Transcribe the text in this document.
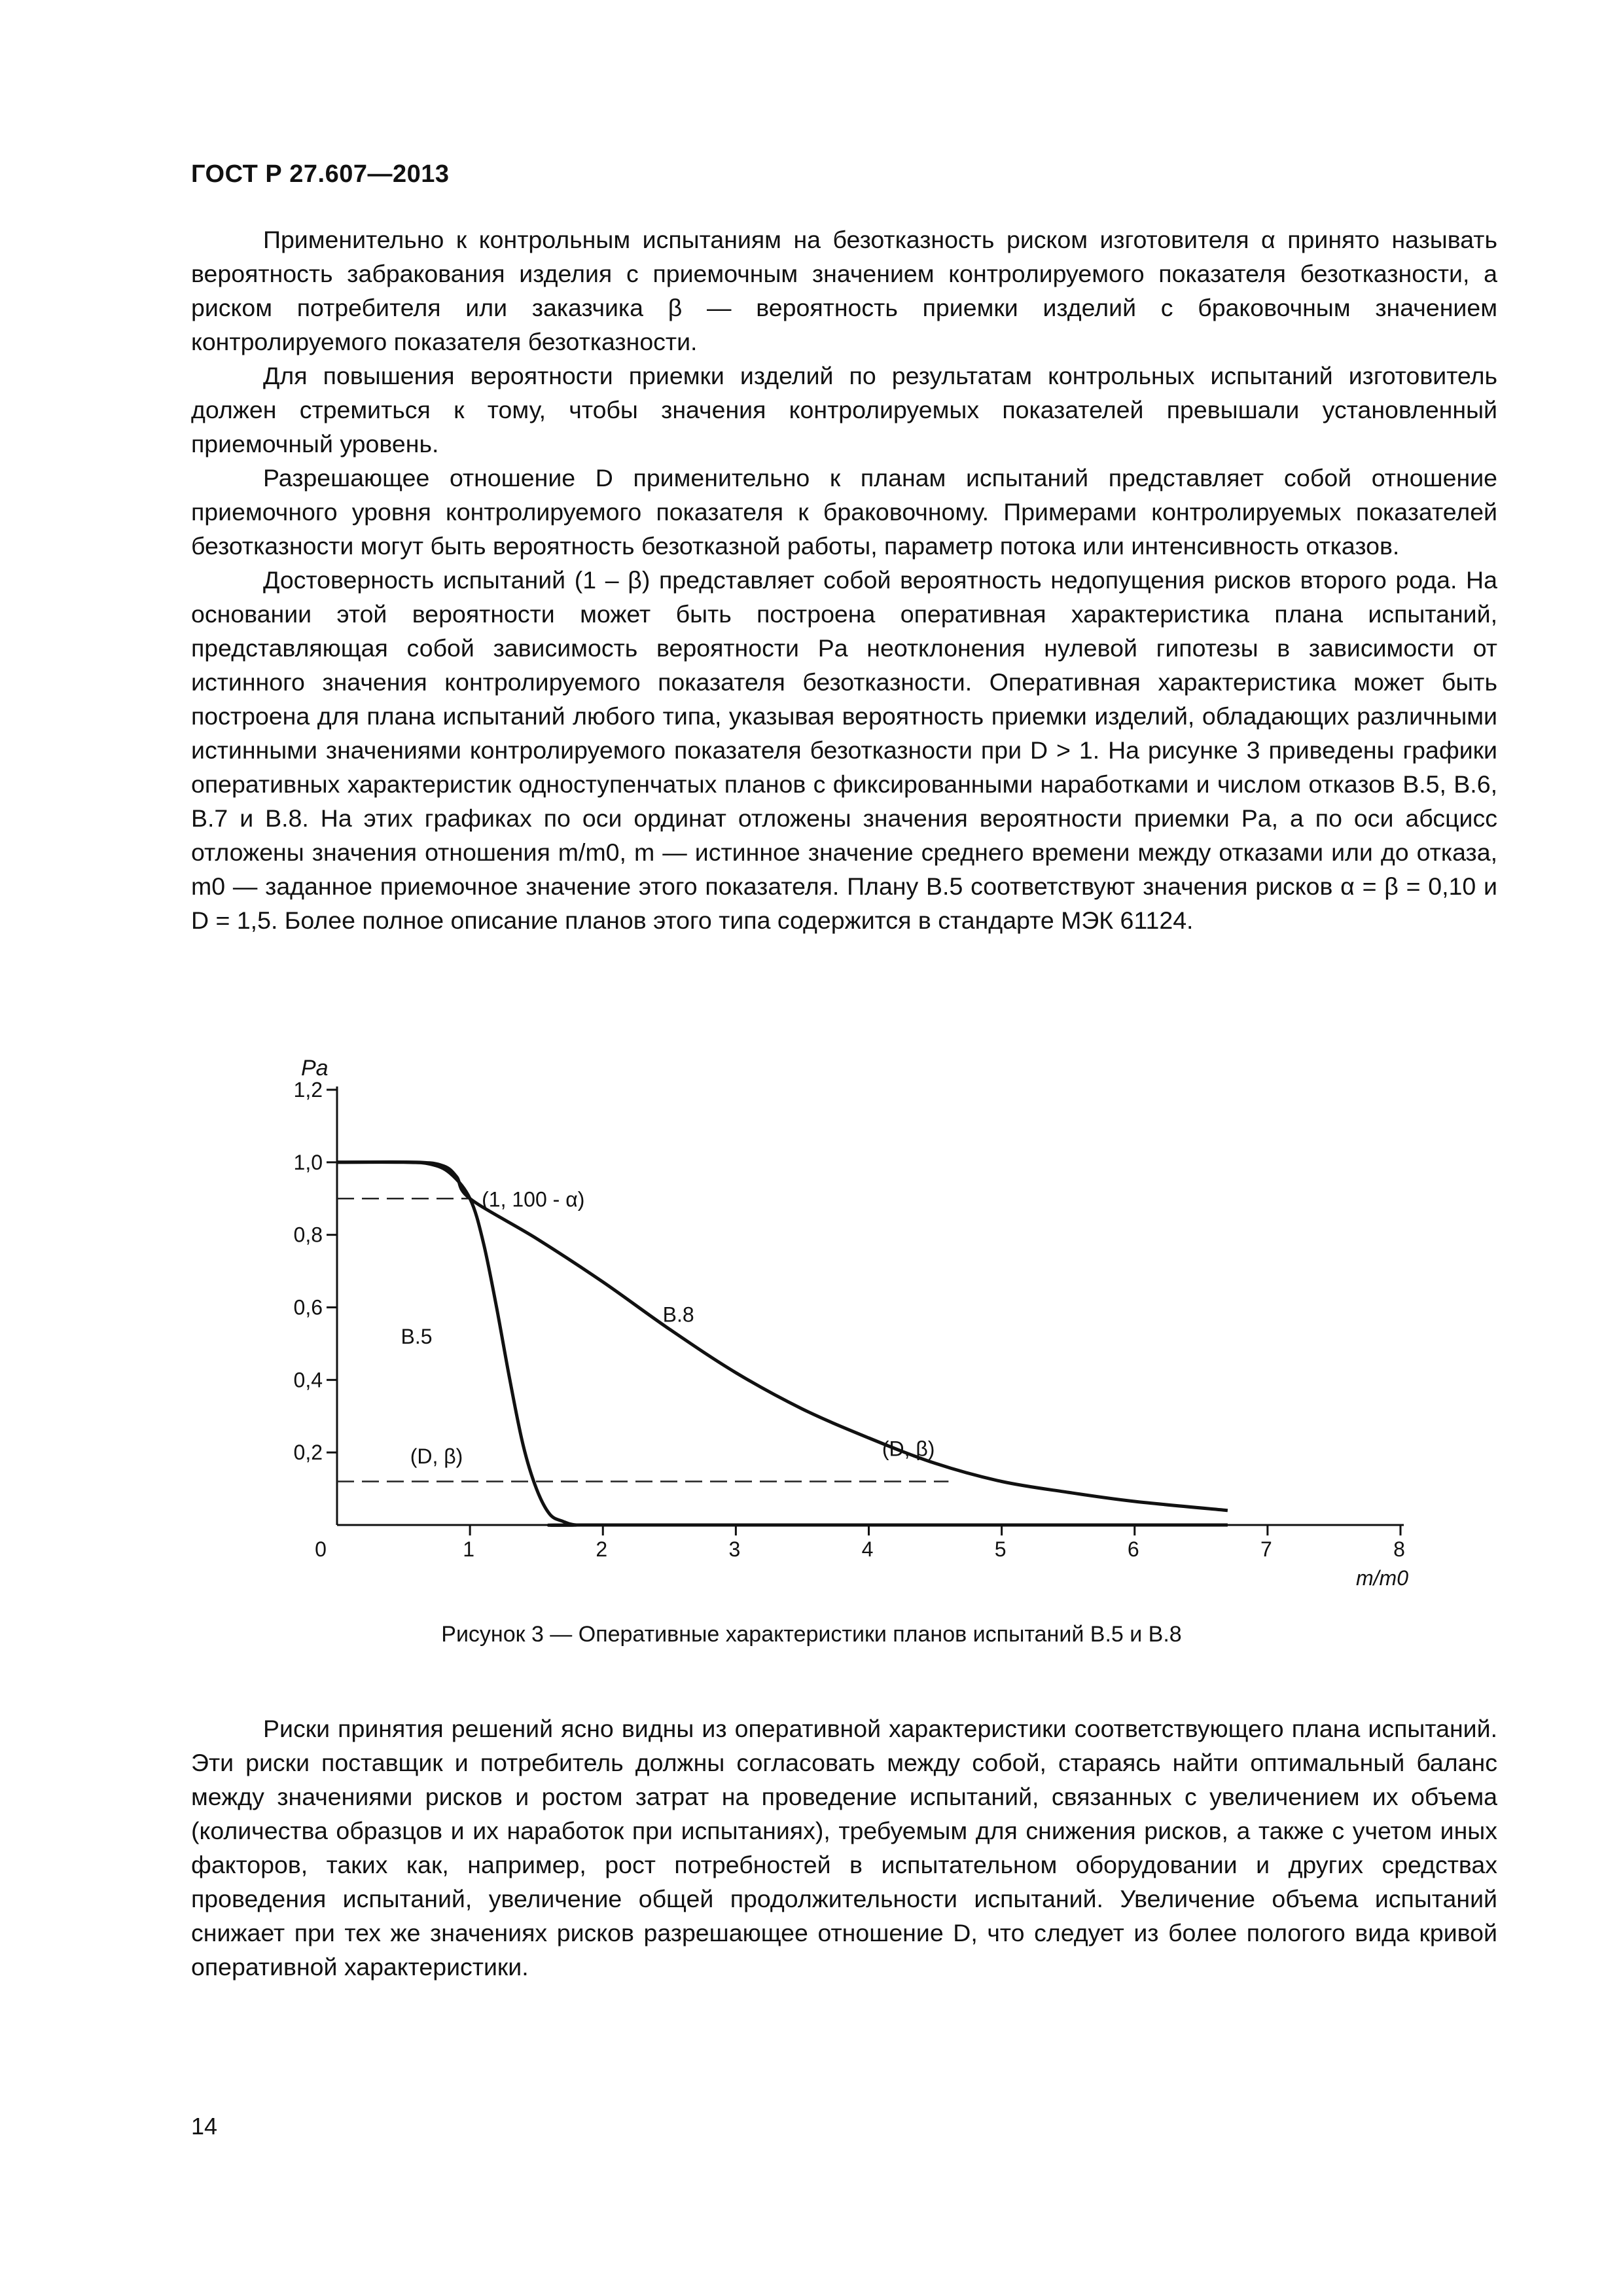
ГОСТ Р 27.607—2013

Применительно к контрольным испытаниям на безотказность риском изготовителя α принято называть вероятность забракования изделия с приемочным значением контролируемого показателя безотказности, а риском потребителя или заказчика β — вероятность приемки изделий с браковочным значением контролируемого показателя безотказности.

Для повышения вероятности приемки изделий по результатам контрольных испытаний изготовитель должен стремиться к тому, чтобы значения контролируемых показателей превышали установленный приемочный уровень.

Разрешающее отношение D применительно к планам испытаний представляет собой отношение приемочного уровня контролируемого показателя к браковочному. Примерами контролируемых показателей безотказности могут быть вероятность безотказной работы, параметр потока или интенсивность отказов.

Достоверность испытаний (1 – β) представляет собой вероятность недопущения рисков второго рода. На основании этой вероятности может быть построена оперативная характеристика плана испытаний, представляющая собой зависимость вероятности Pa неотклонения нулевой гипотезы в зависимости от истинного значения контролируемого показателя безотказности. Оперативная характеристика может быть построена для плана испытаний любого типа, указывая вероятность приемки изделий, обладающих различными истинными значениями контролируемого показателя безотказности при D > 1. На рисунке 3 приведены графики оперативных характеристик одноступенчатых планов с фиксированными наработками и числом отказов B.5, B.6, B.7 и B.8. На этих графиках по оси ординат отложены значения вероятности приемки Pa, а по оси абсцисс отложены значения отношения m/m0, m — истинное значение среднего времени между отказами или до отказа, m0 — заданное приемочное значение этого показателя. Плану B.5 соответствуют значения рисков α = β = 0,10 и D = 1,5. Более полное описание планов этого типа содержится в стандарте МЭК 61124.

0	1	2	3	4	5	6	7	8
0,2
0,4
0,6
0,8
1,0
1,2
Pa
m/m0
(1, 100 - α)
B.5
B.8
(D, β)	(D, β)
Рисунок 3 — Оперативные характеристики планов испытаний B.5 и B.8

Риски принятия решений ясно видны из оперативной характеристики соответствующего плана испытаний. Эти риски поставщик и потребитель должны согласовать между собой, стараясь найти оптимальный баланс между значениями рисков и ростом затрат на проведение испытаний, связанных с увеличением их объема (количества образцов и их наработок при испытаниях), требуемым для снижения рисков, а также с учетом иных факторов, таких как, например, рост потребностей в испытательном оборудовании и других средствах проведения испытаний, увеличение общей продолжительности испытаний. Увеличение объема испытаний снижает при тех же значениях рисков разрешающее отношение D, что следует из более пологого вида кривой оперативной характеристики.

14
